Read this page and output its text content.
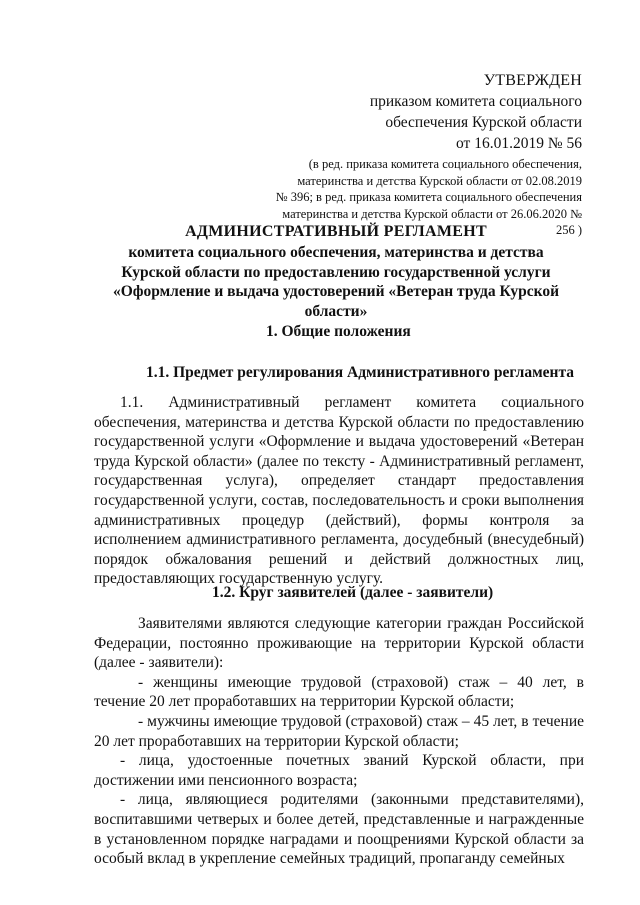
УТВЕРЖДЕН

приказом комитета социального

обеспечения Курской области

от 16.01.2019 № 56

(в ред. приказа комитета социального обеспечения,

материнства и детства Курской области от 02.08.2019

№ 396; в ред. приказа комитета социального обеспечения

материнства и детства Курской области от 26.06.2020 № 256 )

АДМИНИСТРАТИВНЫЙ РЕГЛАМЕНТ

комитета социального обеспечения, материнства и детства

Курской области по предоставлению государственной услуги

«Оформление и выдача удостоверений «Ветеран труда Курской

области»

1. Общие положения

1.1. Предмет регулирования Административного регламента

1.1. Административный регламент комитета социального обеспечения, материнства и детства Курской области по предоставлению государственной услуги «Оформление и выдача удостоверений «Ветеран труда Курской области» (далее по тексту - Административный регламент, государственная услуга), определяет стандарт предоставления государственной услуги, состав, последовательность и сроки выполнения административных процедур (действий), формы контроля за исполнением административного регламента, досудебный (внесудебный) порядок обжалования решений и действий должностных лиц, предоставляющих государственную услугу.

1.2. Круг заявителей (далее - заявители)

Заявителями являются следующие категории граждан Российской Федерации, постоянно проживающие на территории Курской области (далее - заявители):

- женщины имеющие трудовой (страховой) стаж – 40 лет, в течение 20 лет проработавших на территории Курской области;

- мужчины имеющие трудовой (страховой) стаж – 45 лет, в течение 20 лет проработавших на территории Курской области;

- лица, удостоенные почетных званий Курской области, при достижении ими пенсионного возраста;

- лица, являющиеся родителями (законными представителями), воспитавшими четверых и более детей, представленные и награжденные в установленном порядке наградами и поощрениями Курской области за особый вклад в укрепление семейных традиций, пропаганду семейных
